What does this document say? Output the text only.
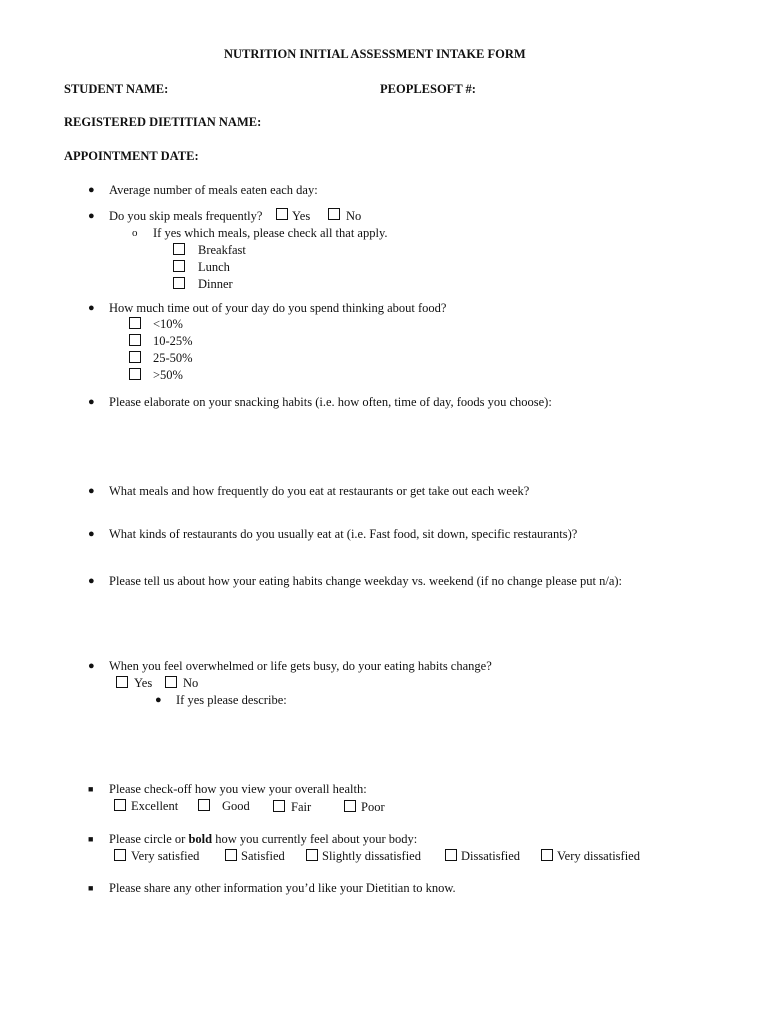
NUTRITION INITIAL ASSESSMENT INTAKE FORM
STUDENT NAME:	PEOPLESOFT #:
REGISTERED DIETITIAN NAME:
APPOINTMENT DATE:
● Average number of meals eaten each day:
● Do you skip meals frequently? Yes	No
o If yes which meals, please check all that apply.
Breakfast
Lunch
Dinner
● How much time out of your day do you spend thinking about food?
<10%
10-25%
25-50%
>50%
● Please elaborate on your snacking habits (i.e. how often, time of day, foods you choose):
● What meals and how frequently do you eat at restaurants or get take out each week?
● What kinds of restaurants do you usually eat at (i.e. Fast food, sit down, specific restaurants)?
● Please tell us about how your eating habits change weekday vs. weekend (if no change please put n/a):
● When you feel overwhelmed or life gets busy, do your eating habits change?
Yes No
● If yes please describe:
■ Please check-off how you view your overall health:
Excellent	Good	Fair	Poor
■ Please circle or bold how you currently feel about your body:
Very satisfied	Satisfied	Slightly dissatisfied	Dissatisfied	Very dissatisfied
■ Please share any other information you’d like your Dietitian to know.
